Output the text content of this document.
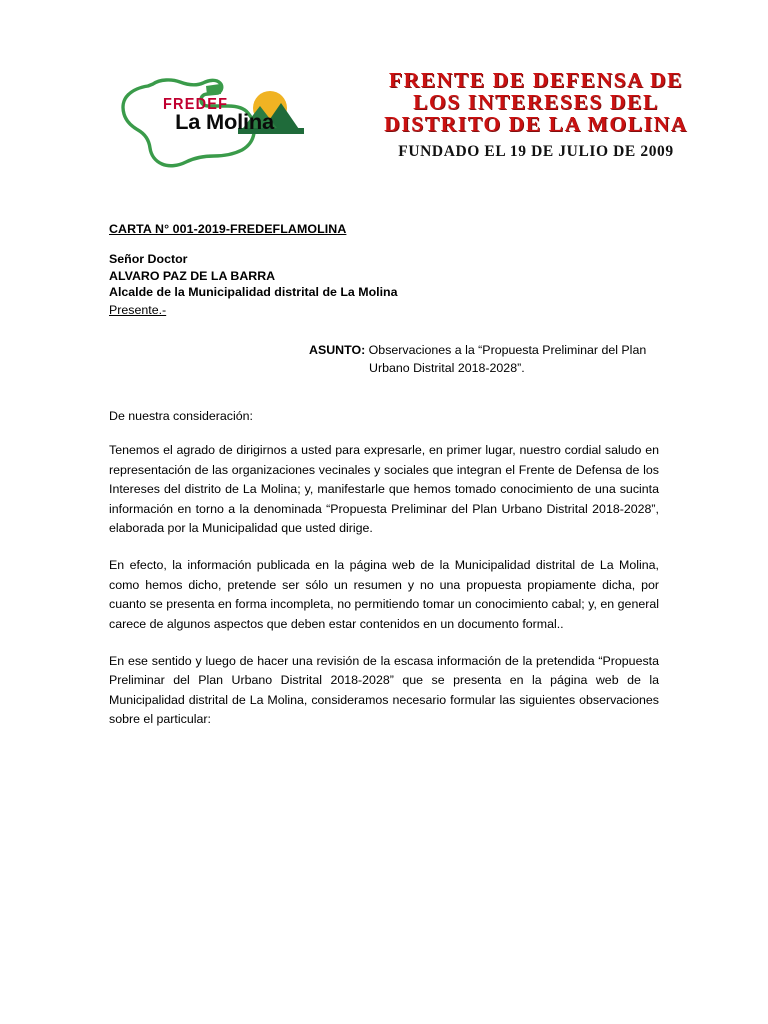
FREDEF
La Molina
FRENTE DE DEFENSA DE
LOS INTERESES DEL
DISTRITO DE LA MOLINA
FUNDADO EL 19 DE JULIO DE 2009
CARTA N° 001-2019-FREDEFLAMOLINA
Señor Doctor
ALVARO PAZ DE LA BARRA
Alcalde de la Municipalidad distrital de La Molina
Presente.-
ASUNTO: Observaciones a la “Propuesta Preliminar del Plan
Urbano Distrital 2018-2028”.
De nuestra consideración:

Tenemos el agrado de dirigirnos a usted para expresarle, en primer lugar, nuestro cordial saludo en representación de las organizaciones vecinales y sociales que integran el Frente de Defensa de los Intereses del distrito de La Molina; y, manifestarle que hemos tomado conocimiento de una sucinta información en torno a la denominada “Propuesta Preliminar del Plan Urbano Distrital 2018-2028”, elaborada por la Municipalidad que usted dirige.

En efecto, la información publicada en la página web de la Municipalidad distrital de La Molina, como hemos dicho, pretende ser sólo un resumen y no una propuesta propiamente dicha, por cuanto se presenta en forma incompleta, no permitiendo tomar un conocimiento cabal; y, en general carece de algunos aspectos que deben estar contenidos en un documento formal..

En ese sentido y luego de hacer una revisión de la escasa información de la pretendida “Propuesta Preliminar del Plan Urbano Distrital 2018-2028” que se presenta en la página web de la Municipalidad distrital de La Molina, consideramos necesario formular las siguientes observaciones sobre el particular:
